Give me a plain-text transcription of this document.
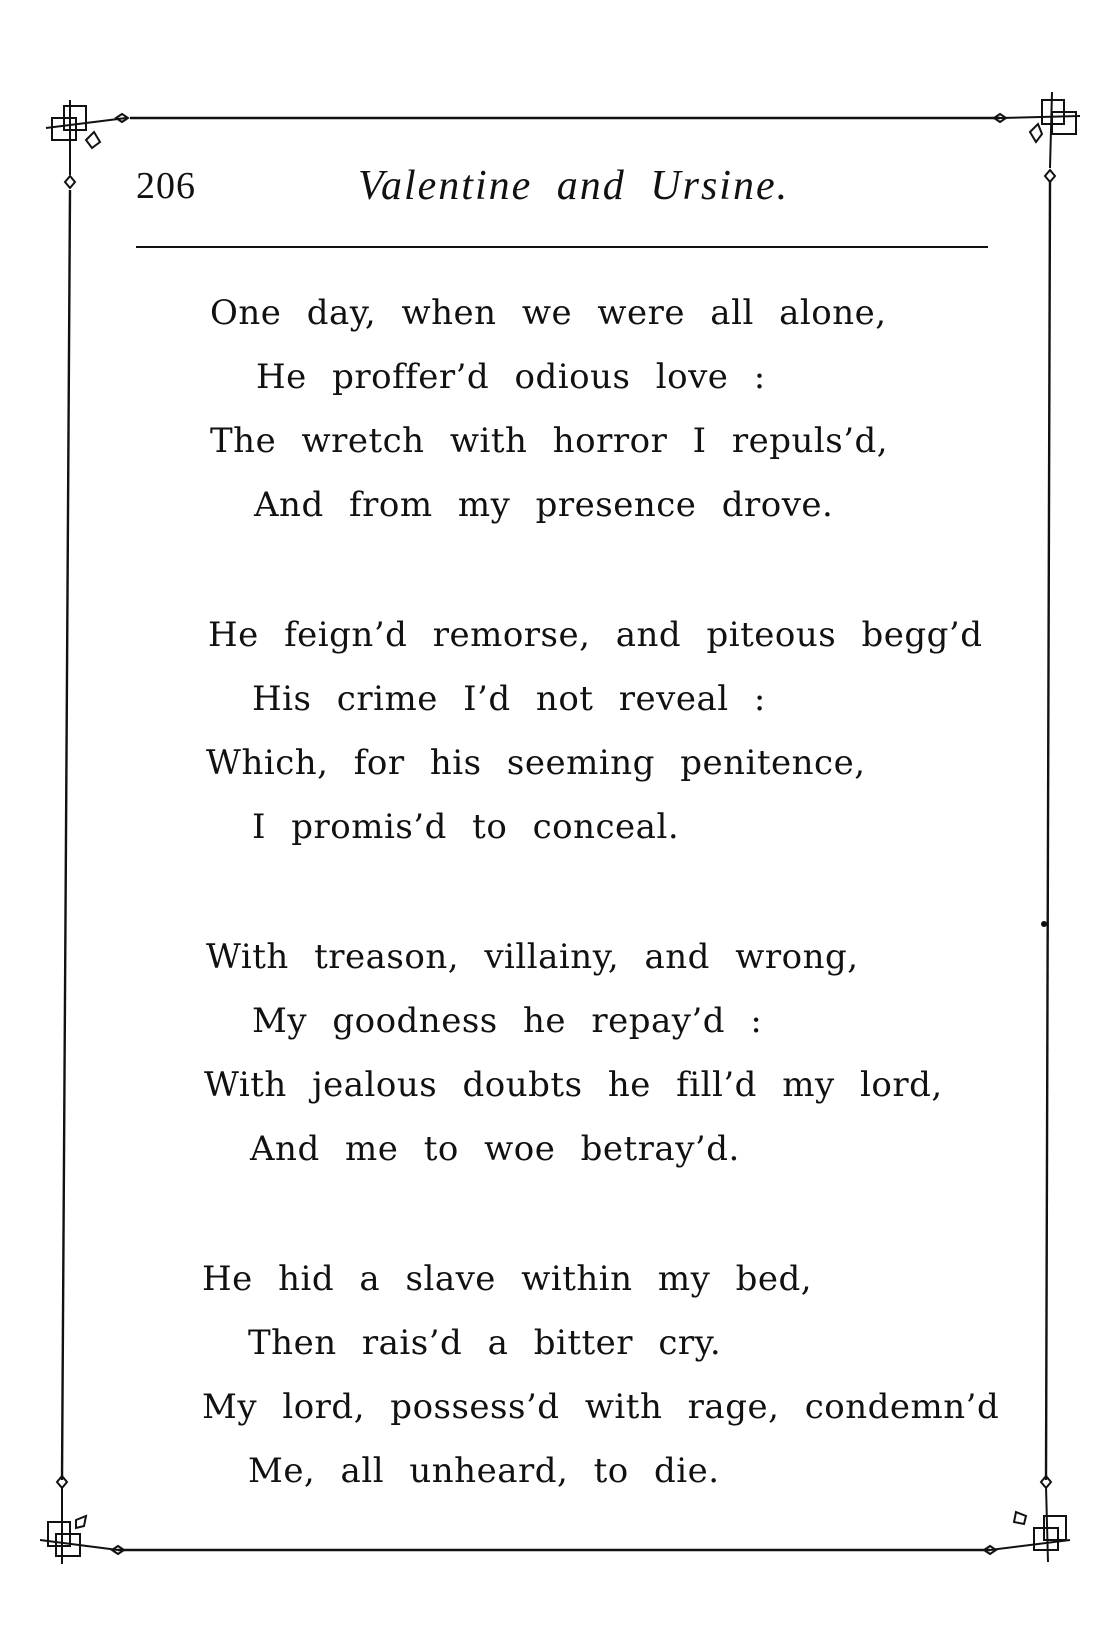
206	Valentine and Ursine.
One day, when we were all alone,
He proffer’d odious love :
The wretch with horror I repuls’d,
And from my presence drove.
He feign’d remorse, and piteous begg’d
His crime I’d not reveal :
Which, for his seeming penitence,
I promis’d to conceal.
With treason, villainy, and wrong,
My goodness he repay’d :
With jealous doubts he fill’d my lord,
And me to woe betray’d.
He hid a slave within my bed,
Then rais’d a bitter cry.
My lord, possess’d with rage, condemn’d
Me, all unheard, to die.
